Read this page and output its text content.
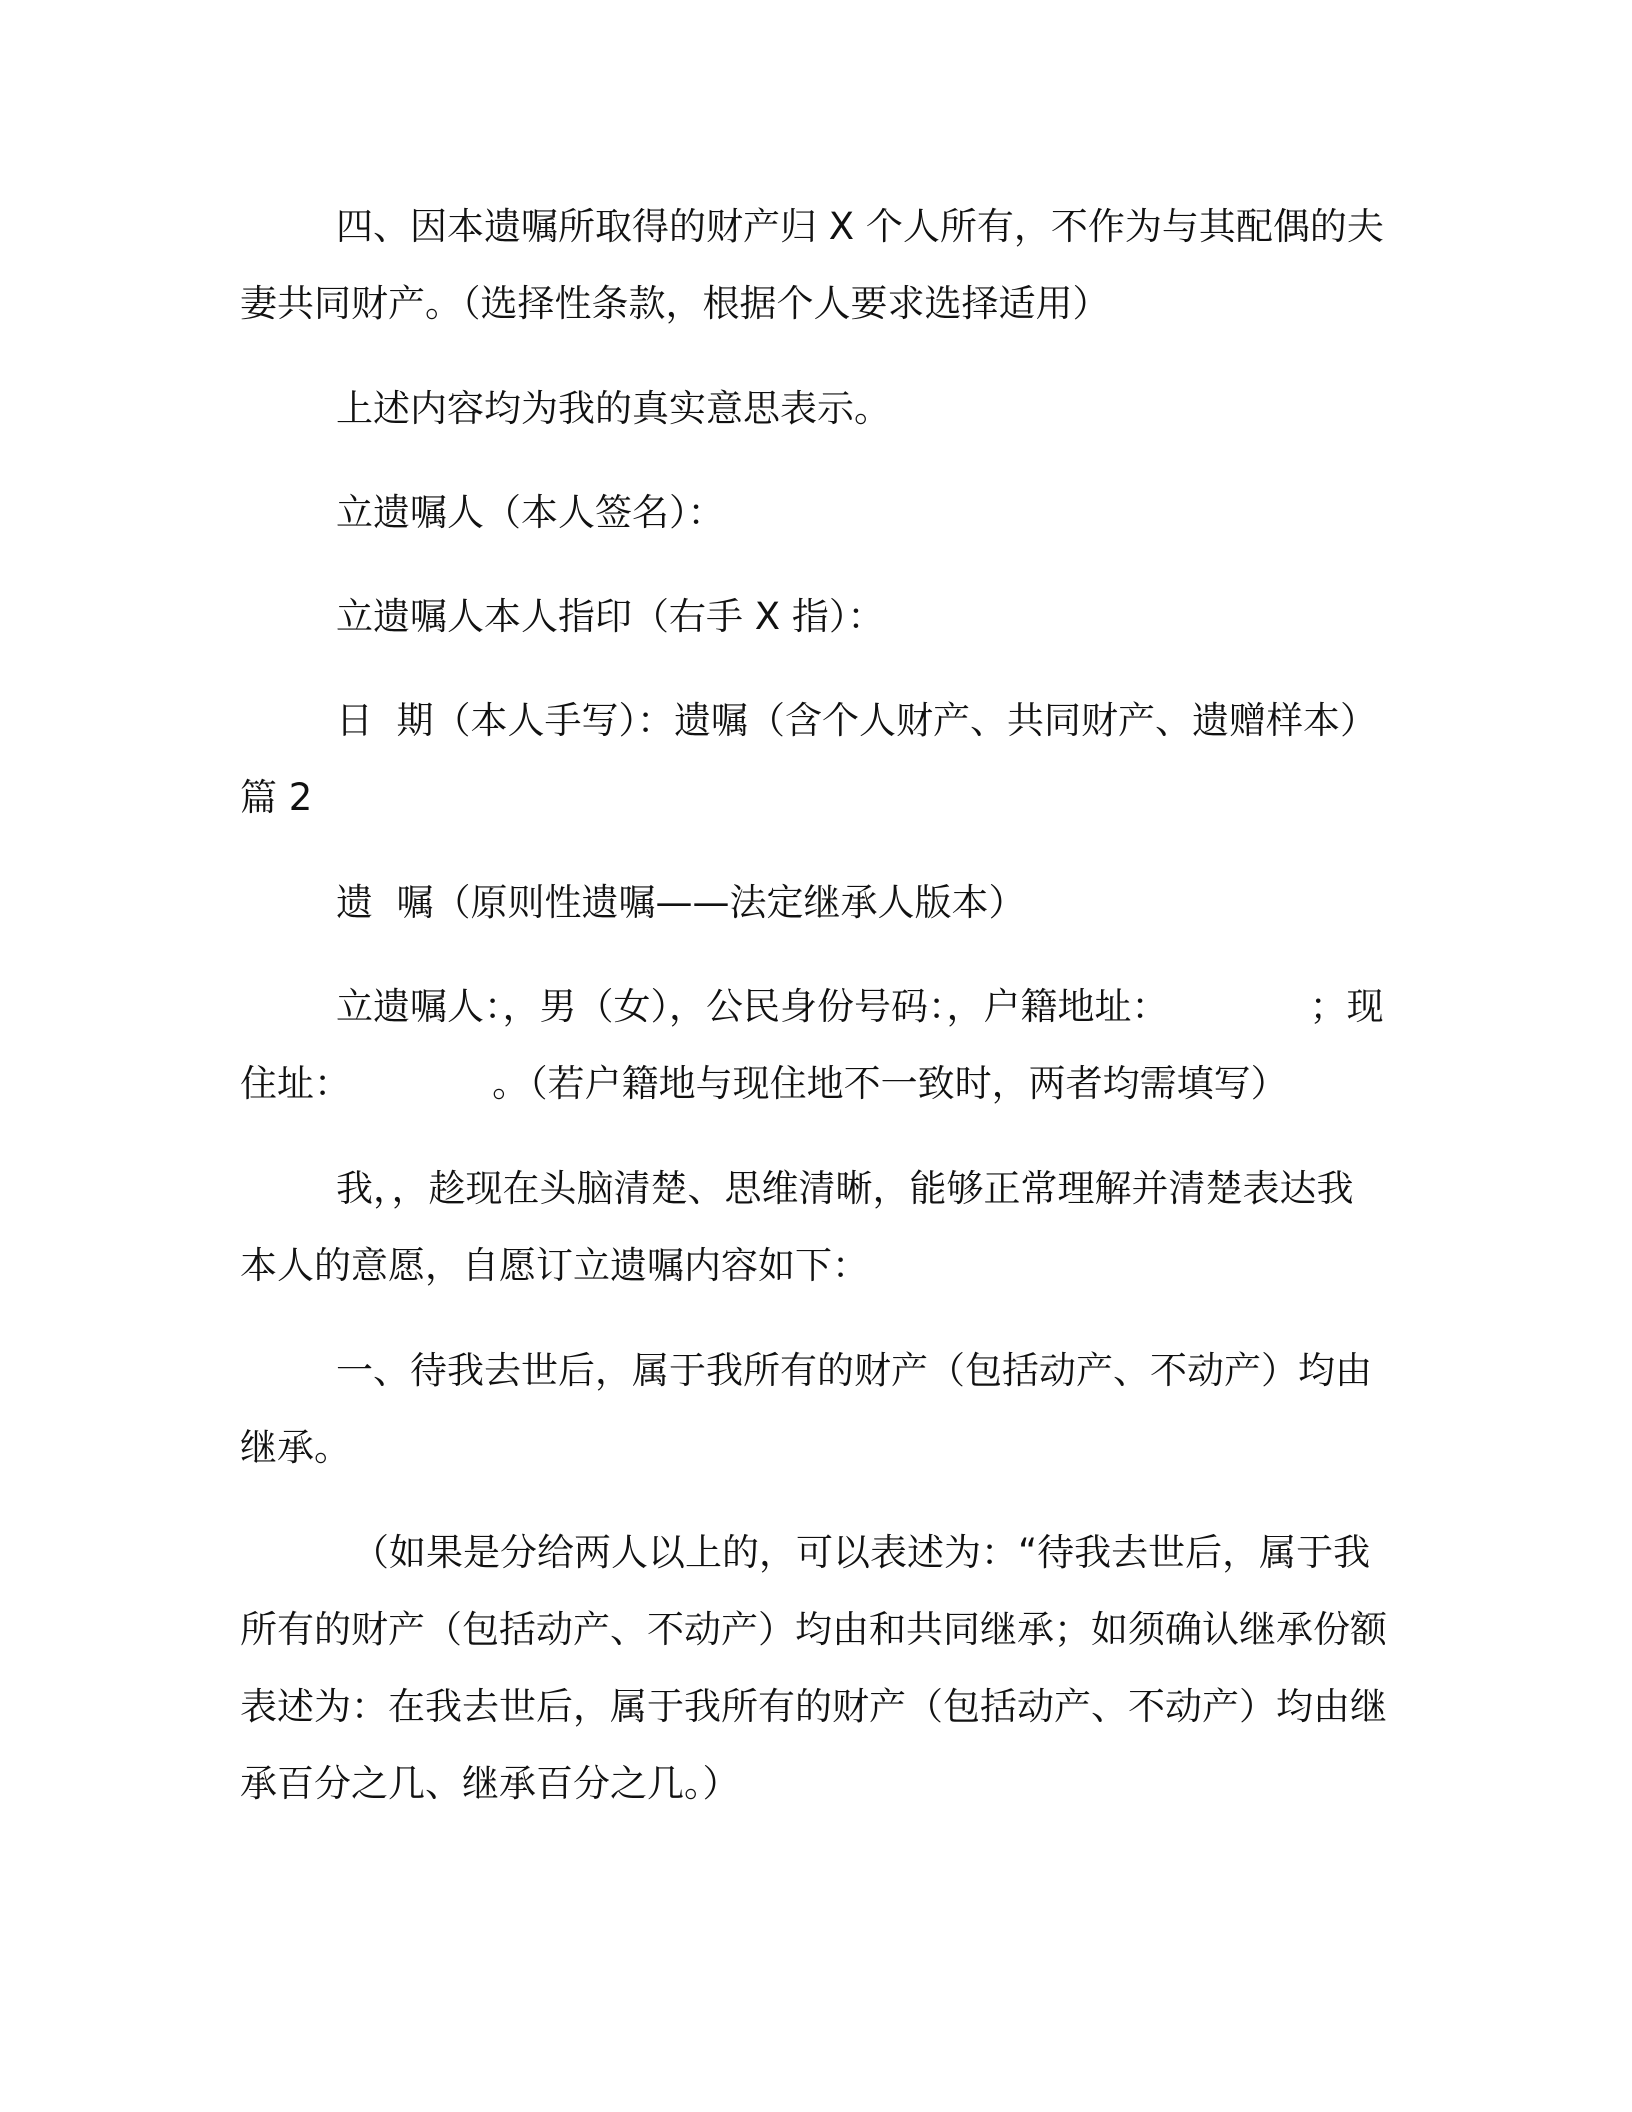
四、因本遗嘱所取得的财产归 X 个人所有，不作为与其配偶的夫妻共同财产。（选择性条款，根据个人要求选择适用）

上述内容均为我的真实意思表示。

立遗嘱人（本人签名）：

立遗嘱人本人指印（右手 X 指）：

日  期（本人手写）：遗嘱（含个人财产、共同财产、遗赠样本）篇 2

遗  嘱（原则性遗嘱——法定继承人版本）

立遗嘱人：，男（女），公民身份号码：，户籍地址：            ；现住址：            。（若户籍地与现住地不一致时，两者均需填写）

我，，趁现在头脑清楚、思维清晰，能够正常理解并清楚表达我本人的意愿，自愿订立遗嘱内容如下：

一、待我去世后，属于我所有的财产（包括动产、不动产）均由继承。

（如果是分给两人以上的，可以表述为：“待我去世后，属于我所有的财产（包括动产、不动产）均由和共同继承；如须确认继承份额表述为：在我去世后，属于我所有的财产（包括动产、不动产）均由继承百分之几、继承百分之几。）
